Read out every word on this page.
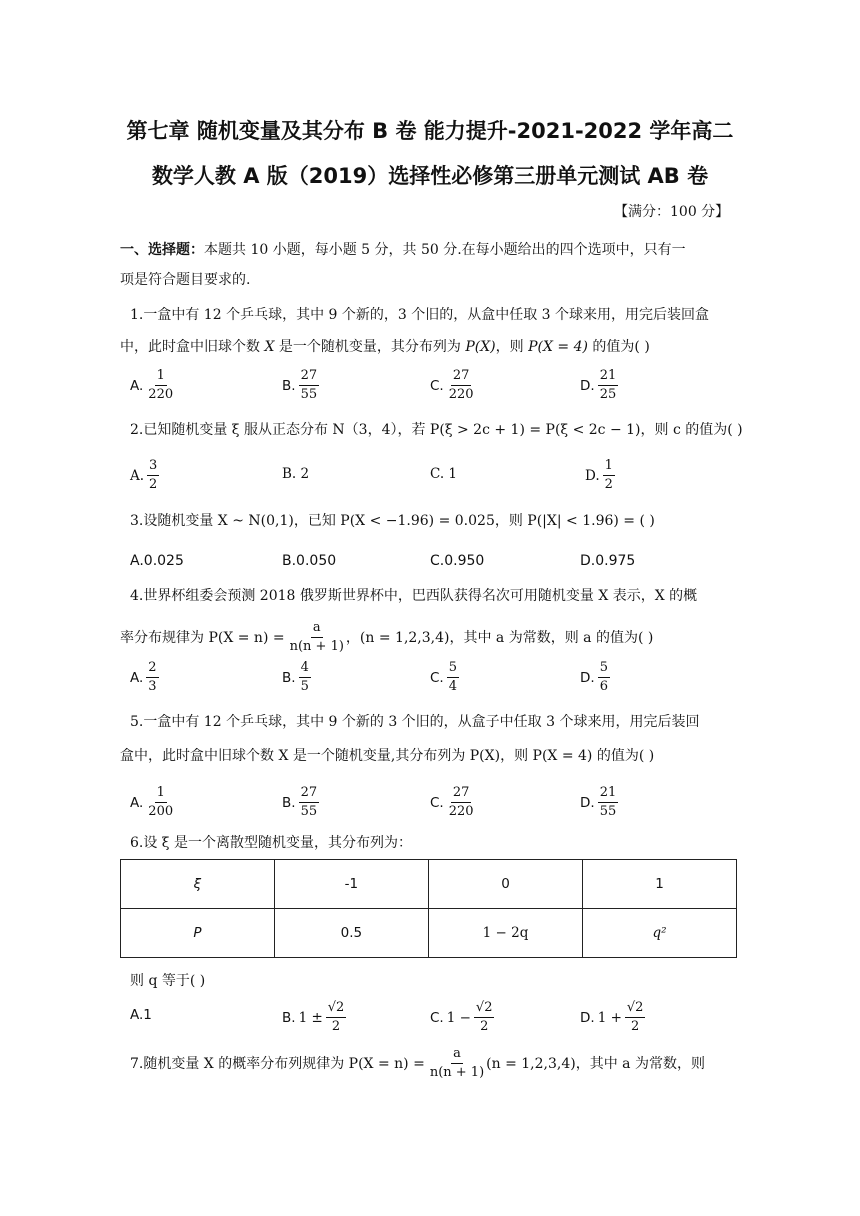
第七章 随机变量及其分布 B 卷 能力提升-2021-2022 学年高二
数学人教 A 版（2019）选择性必修第三册单元测试 AB 卷
【满分：100 分】
一、选择题：本题共 10 小题，每小题 5 分，共 50 分.在每小题给出的四个选项中，只有一
项是符合题目要求的.
1.一盒中有 12 个乒乓球，其中 9 个新的，3 个旧的，从盒中任取 3 个球来用，用完后装回盒
中，此时盒中旧球个数 X 是一个随机变量，其分布列为 P(X)，则 P(X = 4) 的值为( )
A. $\frac{1}{220}$	B. $\frac{27}{55}$	C. $\frac{27}{220}$	D. $\frac{21}{25}$
2.已知随机变量 ξ 服从正态分布 N（3，4），若 P(ξ > 2c + 1) = P(ξ < 2c − 1)，则 c 的值为( )
A. $\frac{3}{2}$	B. 2	C. 1	D. $\frac{1}{2}$
3.设随机变量 X ~ N(0,1)，已知 P(X < −1.96) = 0.025，则 P(|X| < 1.96) = ( )
A.0.025	B.0.050	C.0.950	D.0.975
4.世界杯组委会预测 2018 俄罗斯世界杯中，巴西队获得名次可用随机变量 X 表示，X 的概
率分布规律为 $P(X = n) = \frac{a}{n(n + 1)}$ ，(n = 1,2,3,4)，其中 a 为常数，则 a 的值为( )
A. $\frac{2}{3}$	B. $\frac{4}{5}$	C. $\frac{5}{4}$	D. $\frac{5}{6}$
5.一盒中有 12 个乒乓球，其中 9 个新的 3 个旧的，从盒子中任取 3 个球来用，用完后装回
盒中，此时盒中旧球个数 X 是一个随机变量,其分布列为 P(X)，则 P(X = 4) 的值为( )
A. $\frac{1}{200}$	B. $\frac{27}{55}$	C. $\frac{27}{220}$	D. $\frac{21}{55}$
6.设 ξ 是一个离散型随机变量，其分布列为：
ξ	-1	0	1
P	0.5	1 − 2q	q²
则 q 等于( )
A.1	B. $1 \pm \frac{√2}{2}$	C. $1 - \frac{√2}{2}$	D. $1 + \frac{√2}{2}$
7.随机变量 X 的概率分布列规律为 $P(X = n) = \frac{a}{n(n + 1)} (n = 1,2,3,4)$，其中 a 为常数，则
